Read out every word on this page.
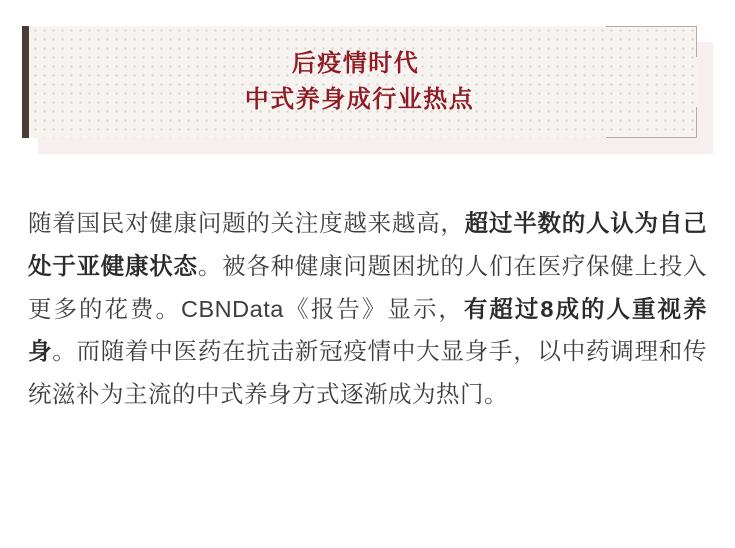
后疫情时代
中式养身成行业热点

随着国民对健康问题的关注度越来越高，超过半数的人认为自己处于亚健康状态。被各种健康问题困扰的人们在医疗保健上投入更多的花费。CBNData《报告》显示，有超过8成的人重视养身。而随着中医药在抗击新冠疫情中大显身手，以中药调理和传统滋补为主流的中式养身方式逐渐成为热门。
